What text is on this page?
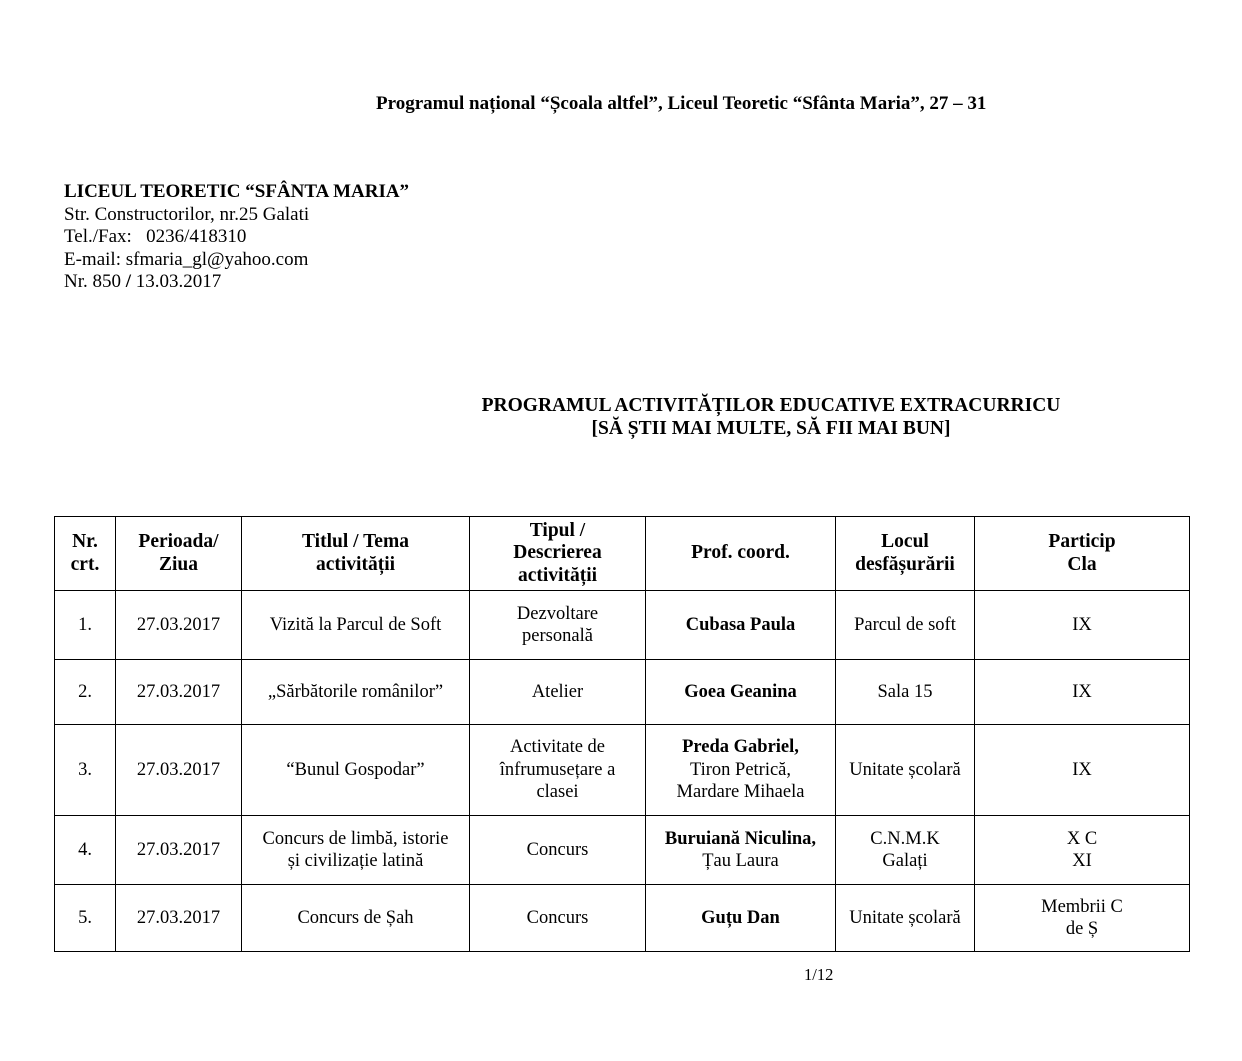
Programul național “Școala altfel”, Liceul Teoretic “Sfânta Maria”, 27 – 31
LICEUL TEORETIC “SFÂNTA MARIA”
Str. Constructorilor, nr.25 Galati
Tel./Fax: 0236/418310
E-mail: sfmaria_gl@yahoo.com
Nr. 850 / 13.03.2017
PROGRAMUL ACTIVITĂȚILOR EDUCATIVE EXTRACURRICU
[SĂ ȘTII MAI MULTE, SĂ FII MAI BUN]
Nr.
crt.	Perioada/
Ziua	Titlul / Tema
activității	Tipul /
Descrierea
activității	Prof. coord.	Locul
desfășurării	Particip
Cla

1.	27.03.2017	Vizită la Parcul de Soft	Dezvoltare
personală	Cubasa Paula	Parcul de soft	IX

2.	27.03.2017	„Sărbătorile românilor”	Atelier	Goea Geanina	Sala 15	IX

3.	27.03.2017	“Bunul Gospodar”	Activitate de
înfrumusețare a
clasei	Preda Gabriel,
Tiron Petrică,
Mardare Mihaela	Unitate școlară	IX

4.	27.03.2017	Concurs de limbă, istorie
și civilizație latină	Concurs	Buruiană Niculina,
Țau Laura	C.N.M.K
Galați	X C
XI

5.	27.03.2017	Concurs de Șah	Concurs	Guțu Dan	Unitate școlară	Membrii C
de Ș
1/12
